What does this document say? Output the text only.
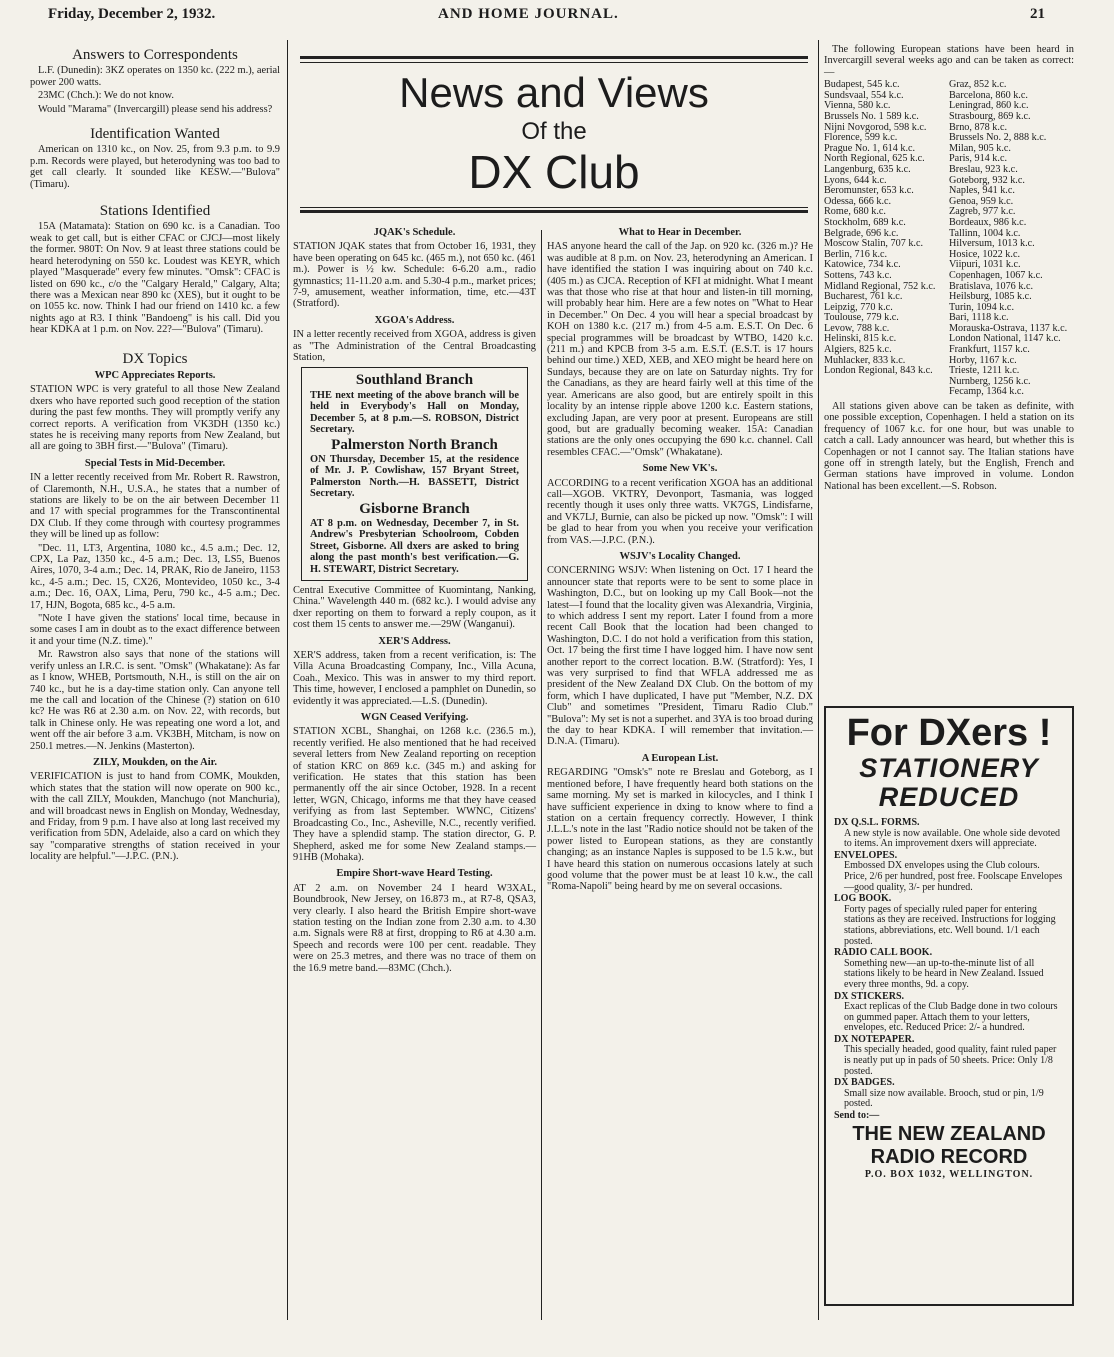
Friday, December 2, 1932.	AND HOME JOURNAL.	21
News and Views
Of the
DX Club
Answers to Correspondents

L.F. (Dunedin): 3KZ operates on 1350 kc. (222 m.), aerial power 200 watts.

23MC (Chch.): We do not know.

Would "Marama" (Invercargill) please send his address?

Identification Wanted

American on 1310 kc., on Nov. 25, from 9.3 p.m. to 9.9 p.m. Records were played, but heterodyning was too bad to get call clearly. It sounded like KESW.—"Bulova" (Timaru).

Stations Identified

15A (Matamata): Station on 690 kc. is a Canadian. Too weak to get call, but is either CFAC or CJCJ—most likely the former. 980T: On Nov. 9 at least three stations could be heard heterodyning on 550 kc. Loudest was KEYR, which played "Masquerade" every few minutes. "Omsk": CFAC is listed on 690 kc., c/o the "Calgary Herald," Calgary, Alta; there was a Mexican near 890 kc (XES), but it ought to be on 1055 kc. now. Think I had our friend on 1410 kc. a few nights ago at R3. I think "Bandoeng" is his call. Did you hear KDKA at 1 p.m. on Nov. 22?—"Bulova" (Timaru).

DX Topics
WPC Appreciates Reports.

STATION WPC is very grateful to all those New Zealand dxers who have reported such good reception of the station during the past few months. They will promptly verify any correct reports. A verification from VK3DH (1350 kc.) states he is receiving many reports from New Zealand, but all are going to 3BH first.—"Bulova" (Timaru).

Special Tests in Mid-December.

IN a letter recently received from Mr. Robert R. Rawstron, of Claremonth, N.H., U.S.A., he states that a number of stations are likely to be on the air between December 11 and 17 with special programmes for the Transcontinental DX Club. If they come through with courtesy programmes they will be lined up as follow:

"Dec. 11, LT3, Argentina, 1080 kc., 4.5 a.m.; Dec. 12, CPX, La Paz, 1350 kc., 4-5 a.m.; Dec. 13, LS5, Buenos Aires, 1070, 3-4 a.m.; Dec. 14, PRAK, Rio de Janeiro, 1153 kc., 4-5 a.m.; Dec. 15, CX26, Montevideo, 1050 kc., 3-4 a.m.; Dec. 16, OAX, Lima, Peru, 790 kc., 4-5 a.m.; Dec. 17, HJN, Bogota, 685 kc., 4-5 a.m.

"Note I have given the stations' local time, because in some cases I am in doubt as to the exact difference between it and your time (N.Z. time)."

Mr. Rawstron also says that none of the stations will verify unless an I.R.C. is sent. "Omsk" (Whakatane): As far as I know, WHEB, Portsmouth, N.H., is still on the air on 740 kc., but he is a day-time station only. Can anyone tell me the call and location of the Chinese (?) station on 610 kc? He was R6 at 2.30 a.m. on Nov. 22, with records, but talk in Chinese only. He was repeating one word a lot, and went off the air before 3 a.m. VK3BH, Mitcham, is now on 250.1 metres.—N. Jenkins (Masterton).

ZILY, Moukden, on the Air.

VERIFICATION is just to hand from COMK, Moukden, which states that the station will now operate on 900 kc., with the call ZILY, Moukden, Manchugo (not Manchuria), and will broadcast news in English on Monday, Wednesday, and Friday, from 9 p.m. I have also at long last received my verification from 5DN, Adelaide, also a card on which they say "comparative strengths of station received in your locality are helpful."—J.P.C. (P.N.).

JQAK's Schedule.

STATION JQAK states that from October 16, 1931, they have been operating on 645 kc. (465 m.), not 650 kc. (461 m.). Power is ½ kw. Schedule: 6-6.20 a.m., radio gymnastics; 11-11.20 a.m. and 5.30-4 p.m., market prices; 7-9, amusement, weather information, time, etc.—43T (Stratford).

XGOA's Address.

IN a letter recently received from XGOA, address is given as "The Administration of the Central Broadcasting Station,

Southland Branch

THE next meeting of the above branch will be held in Everybody's Hall on Monday, December 5, at 8 p.m.—S. ROBSON, District Secretary.

Palmerston North Branch

ON Thursday, December 15, at the residence of Mr. J. P. Cowlishaw, 157 Bryant Street, Palmerston North.—H. BASSETT, District Secretary.

Gisborne Branch

AT 8 p.m. on Wednesday, December 7, in St. Andrew's Presbyterian Schoolroom, Cobden Street, Gisborne. All dxers are asked to bring along the past month's best verification.—G. H. STEWART, District Secretary.

Central Executive Committee of Kuomintang, Nanking, China." Wavelength 440 m. (682 kc.). I would advise any dxer reporting on them to forward a reply coupon, as it cost them 15 cents to answer me.—29W (Wanganui).

XER'S Address.

XER'S address, taken from a recent verification, is: The Villa Acuna Broadcasting Company, Inc., Villa Acuna, Coah., Mexico. This was in answer to my third report. This time, however, I enclosed a pamphlet on Dunedin, so evidently it was appreciated.—L.S. (Dunedin).

WGN Ceased Verifying.

STATION XCBL, Shanghai, on 1268 k.c. (236.5 m.), recently verified. He also mentioned that he had received several letters from New Zealand reporting on reception of station KRC on 869 k.c. (345 m.) and asking for verification. He states that this station has been permanently off the air since October, 1928. In a recent letter, WGN, Chicago, informs me that they have ceased verifying as from last September. WWNC, Citizens' Broadcasting Co., Inc., Asheville, N.C., recently verified. They have a splendid stamp. The station director, G. P. Shepherd, asked me for some New Zealand stamps.—91HB (Mohaka).

Empire Short-wave Heard Testing.

AT 2 a.m. on November 24 I heard W3XAL, Boundbrook, New Jersey, on 16.873 m., at R7-8, QSA3, very clearly. I also heard the British Empire short-wave station testing on the Indian zone from 2.30 a.m. to 4.30 a.m. Signals were R8 at first, dropping to R6 at 4.30 a.m. Speech and records were 100 per cent. readable. They were on 25.3 metres, and there was no trace of them on the 16.9 metre band.—83MC (Chch.).

What to Hear in December.

HAS anyone heard the call of the Jap. on 920 kc. (326 m.)? He was audible at 8 p.m. on Nov. 23, heterodyning an American. I have identified the station I was inquiring about on 740 k.c. (405 m.) as CJCA. Reception of KFI at midnight. What I meant was that those who rise at that hour and listen-in till morning, will probably hear him. Here are a few notes on "What to Hear in December." On Dec. 4 you will hear a special broadcast by KOH on 1380 k.c. (217 m.) from 4-5 a.m. E.S.T. On Dec. 6 special programmes will be broadcast by WTBO, 1420 k.c. (211 m.) and KPCB from 3-5 a.m. E.S.T. (E.S.T. is 17 hours behind our time.) XED, XEB, and XEO might be heard here on Sundays, because they are on late on Saturday nights. Try for the Canadians, as they are heard fairly well at this time of the year. Americans are also good, but are entirely spoilt in this locality by an intense ripple above 1200 k.c. Eastern stations, excluding Japan, are very poor at present. Europeans are still good, but are gradually becoming weaker. 15A: Canadian stations are the only ones occupying the 690 k.c. channel. Call resembles CFAC.—"Omsk" (Whakatane).

Some New VK's.

ACCORDING to a recent verification XGOA has an additional call—XGOB. VKTRY, Devonport, Tasmania, was logged recently though it uses only three watts. VK7GS, Lindisfarne, and VK7LJ, Burnie, can also be picked up now. "Omsk": I will be glad to hear from you when you receive your verification from VAS.—J.P.C. (P.N.).

WSJV's Locality Changed.

CONCERNING WSJV: When listening on Oct. 17 I heard the announcer state that reports were to be sent to some place in Washington, D.C., but on looking up my Call Book—not the latest—I found that the locality given was Alexandria, Virginia, to which address I sent my report. Later I found from a more recent Call Book that the location had been changed to Washington, D.C. I do not hold a verification from this station, Oct. 17 being the first time I have logged him. I have now sent another report to the correct location. B.W. (Stratford): Yes, I was very surprised to find that WFLA addressed me as president of the New Zealand DX Club. On the bottom of my form, which I have duplicated, I have put "Member, N.Z. DX Club" and sometimes "President, Timaru Radio Club." "Bulova": My set is not a superhet. and 3YA is too broad during the day to hear KDKA. I will remember that invitation.—D.N.A. (Timaru).

A European List.

REGARDING "Omsk's" note re Breslau and Goteborg, as I mentioned before, I have frequently heard both stations on the same morning. My set is marked in kilocycles, and I think I have sufficient experience in dxing to know where to find a station on a certain frequency correctly. However, I think J.L.L.'s note in the last "Radio notice should not be taken of the power listed to European stations, as they are constantly changing; as an instance Naples is supposed to be 1.5 k.w., but I have heard this station on numerous occasions lately at such good volume that the power must be at least 10 k.w., the call "Roma-Napoli" being heard by me on several occasions.

The following European stations have been heard in Invercargill several weeks ago and can be taken as correct:—

Budapest, 545 k.c.
Sundsvaal, 554 k.c.
Vienna, 580 k.c.
Brussels No. 1 589 k.c.
Nijni Novgorod, 598 k.c.
Florence, 599 k.c.
Prague No. 1, 614 k.c.
North Regional, 625 k.c.
Langenburg, 635 k.c.
Lyons, 644 k.c.
Beromunster, 653 k.c.
Odessa, 666 k.c.
Rome, 680 k.c.
Stockholm, 689 k.c.
Belgrade, 696 k.c.
Moscow Stalin, 707 k.c.
Berlin, 716 k.c.
Katowice, 734 k.c.
Sottens, 743 k.c.
Midland Regional, 752 k.c.
Bucharest, 761 k.c.
Leipzig, 770 k.c.
Toulouse, 779 k.c.
Levow, 788 k.c.
Helinski, 815 k.c.
Algiers, 825 k.c.
Muhlacker, 833 k.c.
London Regional, 843 k.c.

Graz, 852 k.c.
Barcelona, 860 k.c.
Leningrad, 860 k.c.
Strasbourg, 869 k.c.
Brno, 878 k.c.
Brussels No. 2, 888 k.c.
Milan, 905 k.c.
Paris, 914 k.c.
Breslau, 923 k.c.
Goteborg, 932 k.c.
Naples, 941 k.c.
Genoa, 959 k.c.
Zagreb, 977 k.c.
Bordeaux, 986 k.c.
Tallinn, 1004 k.c.
Hilversum, 1013 k.c.
Hosice, 1022 k.c.
Viipuri, 1031 k.c.
Copenhagen, 1067 k.c.
Bratislava, 1076 k.c.
Heilsburg, 1085 k.c.
Turin, 1094 k.c.
Bari, 1118 k.c.
Morauska-Ostrava, 1137 k.c.
London National, 1147 k.c.
Frankfurt, 1157 k.c.
Horby, 1167 k.c.
Trieste, 1211 k.c.
Nurnberg, 1256 k.c.
Fecamp, 1364 k.c.

All stations given above can be taken as definite, with one possible exception, Copenhagen. I held a station on its frequency of 1067 k.c. for one hour, but was unable to catch a call. Lady announcer was heard, but whether this is Copenhagen or not I cannot say. The Italian stations have gone off in strength lately, but the English, French and German stations have improved in volume. London National has been excellent.—S. Robson.

For DXers !
STATIONERY
REDUCED
DX Q.S.L. FORMS.
A new style is now available. One whole side devoted to items. An improvement dxers will appreciate.
ENVELOPES.
Embossed DX envelopes using the Club colours. Price, 2/6 per hundred, post free. Foolscape Envelopes—good quality, 3/- per hundred.
LOG BOOK.
Forty pages of specially ruled paper for entering stations as they are received. Instructions for logging stations, abbreviations, etc. Well bound. 1/1 each posted.
RADIO CALL BOOK.
Something new—an up-to-the-minute list of all stations likely to be heard in New Zealand. Issued every three months, 9d. a copy.
DX STICKERS.
Exact replicas of the Club Badge done in two colours on gummed paper. Attach them to your letters, envelopes, etc. Reduced Price: 2/- a hundred.
DX NOTEPAPER.
This specially headed, good quality, faint ruled paper is neatly put up in pads of 50 sheets. Price: Only 1/8 posted.
DX BADGES.
Small size now available. Brooch, stud or pin, 1/9 posted.
Send to:—
THE NEW ZEALAND
RADIO RECORD
P.O. BOX 1032, WELLINGTON.
